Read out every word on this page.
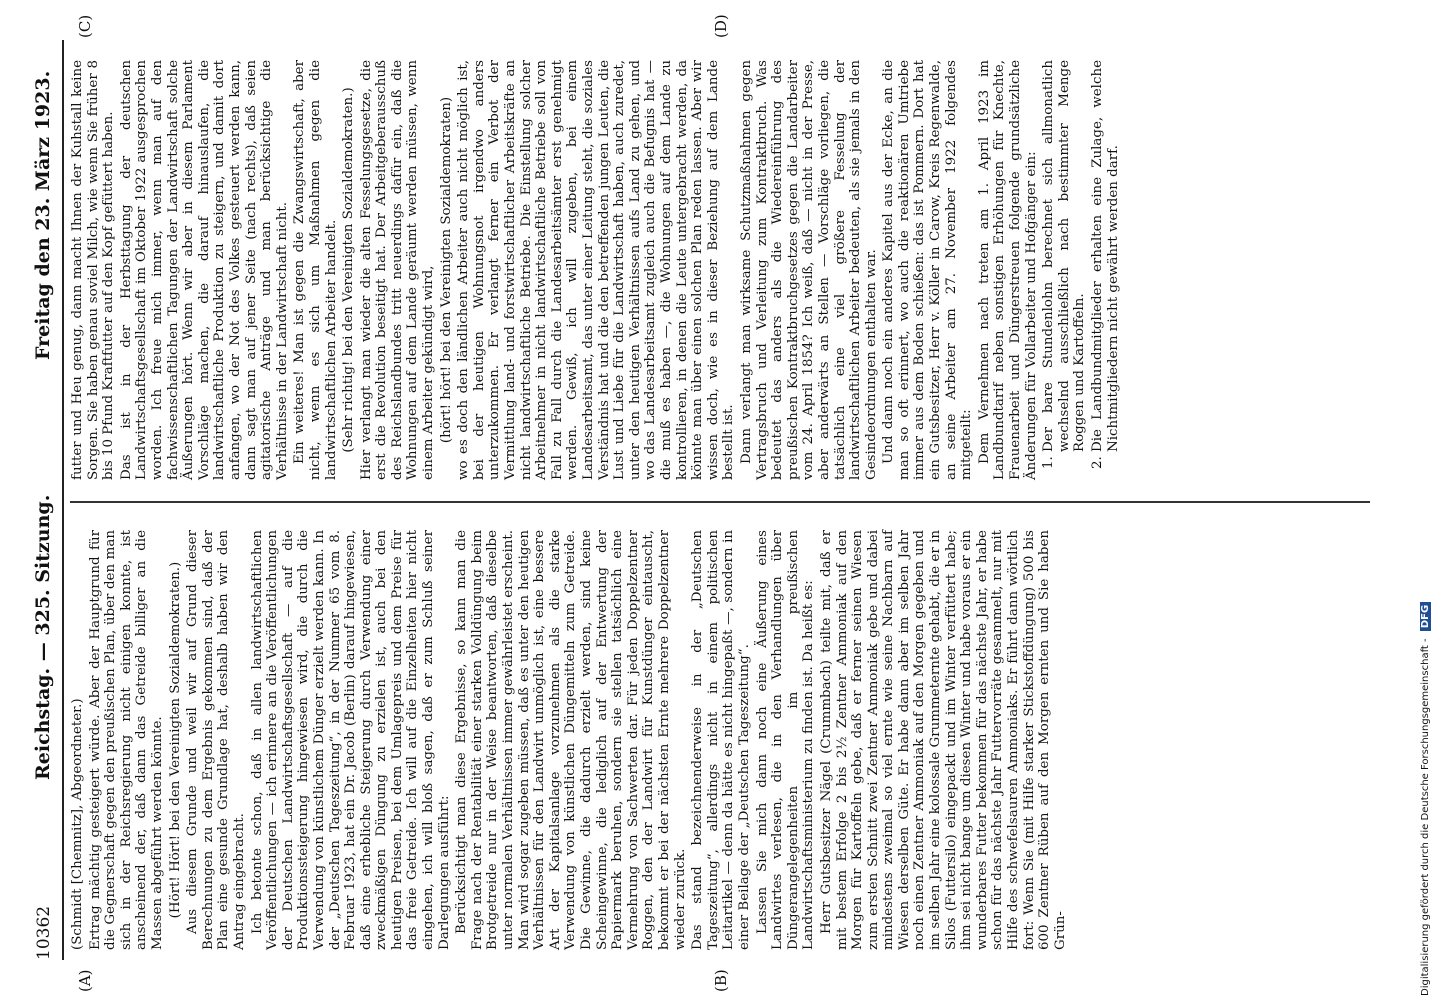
10362
Reichstag. — 325. Sitzung.
Freitag den 23. März 1923.
(A)	(B)
(C)	(D)

(Schmidt [Chemnitz], Abgeordneter.) Ertrag mächtig gesteigert würde. Aber der Hauptgrund für die Gegnerschaft gegen den preußischen Plan, über den man sich in der Reichsregierung nicht einigen konnte, ist anscheinend der, daß dann das Getreide billiger an die Massen abgeführt werden könnte. (Hört! Hört! bei den Vereinigten Sozialdemokraten.) Aus diesem Grunde und weil wir auf Grund dieser Berechnungen zu dem Ergebnis gekommen sind, daß der Plan eine gesunde Grundlage hat, deshalb haben wir den Antrag eingebracht. Ich betonte schon, daß in allen landwirtschaftlichen Veröffentlichungen — ich erinnere an die Veröffentlichungen der Deutschen Landwirtschaftsgesellschaft — auf die Produktionssteigerung hingewiesen wird, die durch die Verwendung von künstlichem Dünger erzielt werden kann. In der „Deutschen Tageszeitung“, in der Nummer 65 vom 8. Februar 1923, hat ein Dr. Jacob (Berlin) darauf hingewiesen, daß eine erhebliche Steigerung durch Verwendung einer zweckmäßigen Düngung zu erzielen ist, auch bei den heutigen Preisen, bei dem Umlagepreis und dem Preise für das freie Getreide. Ich will auf die Einzelheiten hier nicht eingehen, ich will bloß sagen, daß er zum Schluß seiner Darlegungen ausführt: Berücksichtigt man diese Ergebnisse, so kann man die Frage nach der Rentabilität einer starken Volldüngung beim Brotgetreide nur in der Weise beantworten, daß dieselbe unter normalen Verhältnissen immer gewährleistet erscheint. Man wird sogar zugeben müssen, daß es unter den heutigen Verhältnissen für den Landwirt unmöglich ist, eine bessere Art der Kapitalsanlage vorzunehmen als die starke Verwendung von künstlichen Düngemitteln zum Getreide. Die Gewinne, die dadurch erzielt werden, sind keine Scheingewinne, die lediglich auf der Entwertung der Papiermark beruhen, sondern sie stellen tatsächlich eine Vermehrung von Sachwerten dar. Für jeden Doppelzentner Roggen, den der Landwirt für Kunstdünger eintauscht, bekommt er bei der nächsten Ernte mehrere Doppelzentner wieder zurück. Das stand bezeichnenderweise in der „Deutschen Tageszeitung“, allerdings nicht in einem politischen Leitartikel — denn da hätte es nicht hingepaßt —, sondern in einer Beilage der „Deutschen Tageszeitung“. Lassen Sie mich dann noch eine Äußerung eines Landwirtes verlesen, die in den Verhandlungen über Düngerangelegenheiten im preußischen Landwirtschaftsministerium zu finden ist. Da heißt es: Herr Gutsbesitzer Nägel (Crummbach) teilte mit, daß er mit bestem Erfolge 2 bis 2½ Zentner Ammoniak auf den Morgen für Kartoffeln gebe, daß er ferner seinen Wiesen zum ersten Schnitt zwei Zentner Ammoniak gebe und dabei mindestens zweimal so viel ernte wie seine Nachbarn auf Wiesen derselben Güte. Er habe dann aber im selben Jahr noch einen Zentner Ammoniak auf den Morgen gegeben und im selben Jahr eine kolossale Grummeternte gehabt, die er in Silos (Futtersilo) eingepackt und im Winter verfüttert habe; ihm sei nicht bange um diesen Winter und habe voraus er ein wunderbares Futter bekommen für das nächste Jahr, er habe schon für das nächste Jahr Futtervorräte gesammelt, nur mit Hilfe des schwefelsauren Ammoniaks. Er führt dann wörtlich fort: Wenn Sie (mit Hilfe starker Stickstoffdüngung) 500 bis 600 Zentner Rüben auf den Morgen ernten und Sie haben Grün-

futter und Heu genug, dann macht Ihnen der Kuhstall keine Sorgen. Sie haben genau soviel Milch, wie wenn Sie früher 8 bis 10 Pfund Kraftfutter auf den Kopf gefüttert haben. Das ist in der Herbsttagung der deutschen Landwirtschaftsgesellschaft im Oktober 1922 ausgesprochen worden. Ich freue mich immer, wenn man auf den fachwissenschaftlichen Tagungen der Landwirtschaft solche Äußerungen hört. Wenn wir aber in diesem Parlament Vorschläge machen, die darauf hinauslaufen, die landwirtschaftliche Produktion zu steigern, und damit dort anfangen, wo der Not des Volkes gesteuert werden kann, dann sagt man auf jener Seite (nach rechts), daß seien agitatorische Anträge und man berücksichtige die Verhältnisse in der Landwirtschaft nicht. Ein weiteres! Man ist gegen die Zwangswirtschaft, aber nicht, wenn es sich um Maßnahmen gegen die landwirtschaftlichen Arbeiter handelt. (Sehr richtig! bei den Vereinigten Sozialdemokraten.) Hier verlangt man wieder die alten Fesselungsgesetze, die erst die Revolution beseitigt hat. Der Arbeitgeberausschuß des Reichslandbundes tritt neuerdings dafür ein, daß die Wohnungen auf dem Lande geräumt werden müssen, wenn einem Arbeiter gekündigt wird, (hört! hört! bei den Vereinigten Sozialdemokraten) wo es doch den ländlichen Arbeiter auch nicht möglich ist, bei der heutigen Wohnungsnot irgendwo anders unterzukommen. Er verlangt ferner ein Verbot der Vermittlung land- und forstwirtschaftlicher Arbeitskräfte an nicht landwirtschaftliche Betriebe. Die Einstellung solcher Arbeitnehmer in nicht landwirtschaftliche Betriebe soll von Fall zu Fall durch die Landesarbeitsämter erst genehmigt werden. Gewiß, ich will zugeben, bei einem Landesarbeitsamt, das unter einer Leitung steht, die soziales Verständnis hat und die den betreffenden jungen Leuten, die Lust und Liebe für die Landwirtschaft haben, auch zuredet, unter den heutigen Verhältnissen aufs Land zu gehen, und wo das Landesarbeitsamt zugleich auch die Befugnis hat — die muß es haben —, die Wohnungen auf dem Lande zu kontrollieren, in denen die Leute untergebracht werden, da könnte man über einen solchen Plan reden lassen. Aber wir wissen doch, wie es in dieser Beziehung auf dem Lande bestellt ist. Dann verlangt man wirksame Schutzmaßnahmen gegen Vertragsbruch und Verleitung zum Kontraktbruch. Was bedeutet das anders als die Wiedereinführung des preußischen Kontraktbruchgesetzes gegen die Landarbeiter vom 24. April 1854? Ich weiß, daß — nicht in der Presse, aber anderwärts an Stellen — Vorschläge vorliegen, die tatsächlich eine viel größere Fesselung der landwirtschaftlichen Arbeiter bedeuten, als sie jemals in den Gesindeordnungen enthalten war. Und dann noch ein anderes Kapitel aus der Ecke, an die man so oft erinnert, wo auch die reaktionären Umtriebe immer aus dem Boden schießen: das ist Pommern. Dort hat ein Gutsbesitzer, Herr v. Köller in Carow, Kreis Regenwalde, an seine Arbeiter am 27. November 1922 folgendes mitgeteilt: Dem Vernehmen nach treten am 1. April 1923 im Landbundtarif neben sonstigen Erhöhungen für Knechte, Frauenarbeit und Düngerstreuen folgende grundsätzliche Änderungen für Vollarbeiter und Hofgänger ein: 1. Der bare Stundenlohn berechnet sich allmonatlich wechselnd ausschließlich nach bestimmter Menge Roggen und Kartoffeln. 2. Die Landbundmitglieder erhalten eine Zulage, welche Nichtmitgliedern nicht gewährt werden darf.
Digitalisierung gefördert durch die Deutsche Forschungsgemeinschaft - DFG
